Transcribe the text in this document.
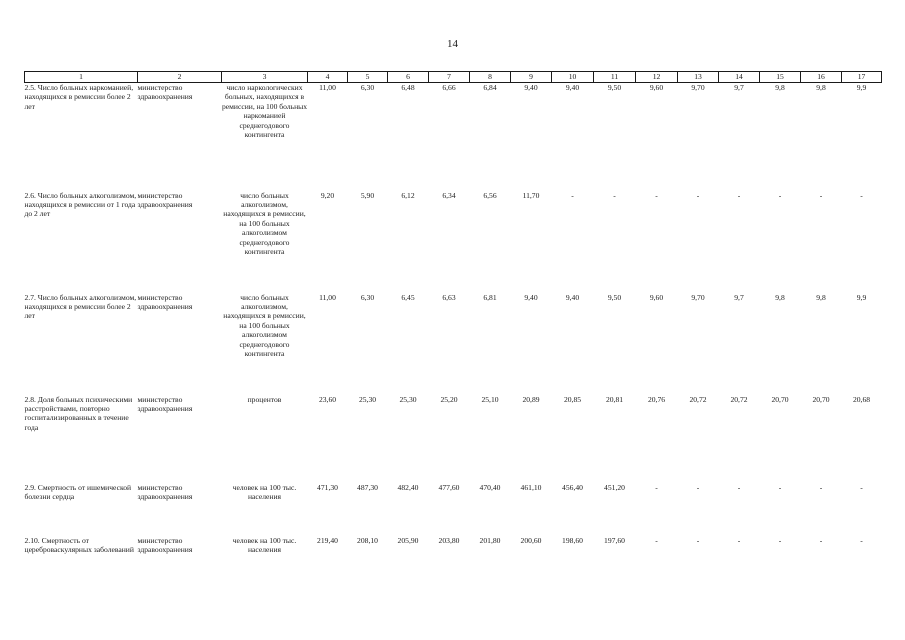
14
1	2	3	4	5	6	7	8	9	10	11	12	13	14	15	16	17
2.5. Число больных наркоманией, находящихся в ремиссии более 2 лет	министерство здравоохранения	число наркологических больных, находящихся в ремиссии, на 100 больных наркоманией среднегодового контингента	11,00	6,30	6,48	6,66	6,84	9,40	9,40	9,50	9,60	9,70	9,7	9,8	9,8	9,9
2.6. Число больных алкоголизмом, находящихся в ремиссии от 1 года до 2 лет	министерство здравоохранения	число больных алкоголизмом, находящихся в ремиссии, на 100 больных алкоголизмом среднегодового контингента	9,20	5,90	6,12	6,34	6,56	11,70	-	-	-	-	-	-	-	-
2.7. Число больных алкоголизмом, находящихся в ремиссии более 2 лет	министерство здравоохранения	число больных алкоголизмом, находящихся в ремиссии, на 100 больных алкоголизмом среднегодового контингента	11,00	6,30	6,45	6,63	6,81	9,40	9,40	9,50	9,60	9,70	9,7	9,8	9,8	9,9
2.8. Доля больных психическими расстройствами, повторно госпитализированных в течение года	министерство здравоохранения	процентов	23,60	25,30	25,30	25,20	25,10	20,89	20,85	20,81	20,76	20,72	20,72	20,70	20,70	20,68
2.9. Смертность от ишемической болезни сердца	министерство здравоохранения	человек на 100 тыс. населения	471,30	487,30	482,40	477,60	470,40	461,10	456,40	451,20	-	-	-	-	-	-
2.10. Смертность от цереброваскулярных заболеваний	министерство здравоохранения	человек на 100 тыс. населения	219,40	208,10	205,90	203,80	201,80	200,60	198,60	197,60	-	-	-	-	-	-
